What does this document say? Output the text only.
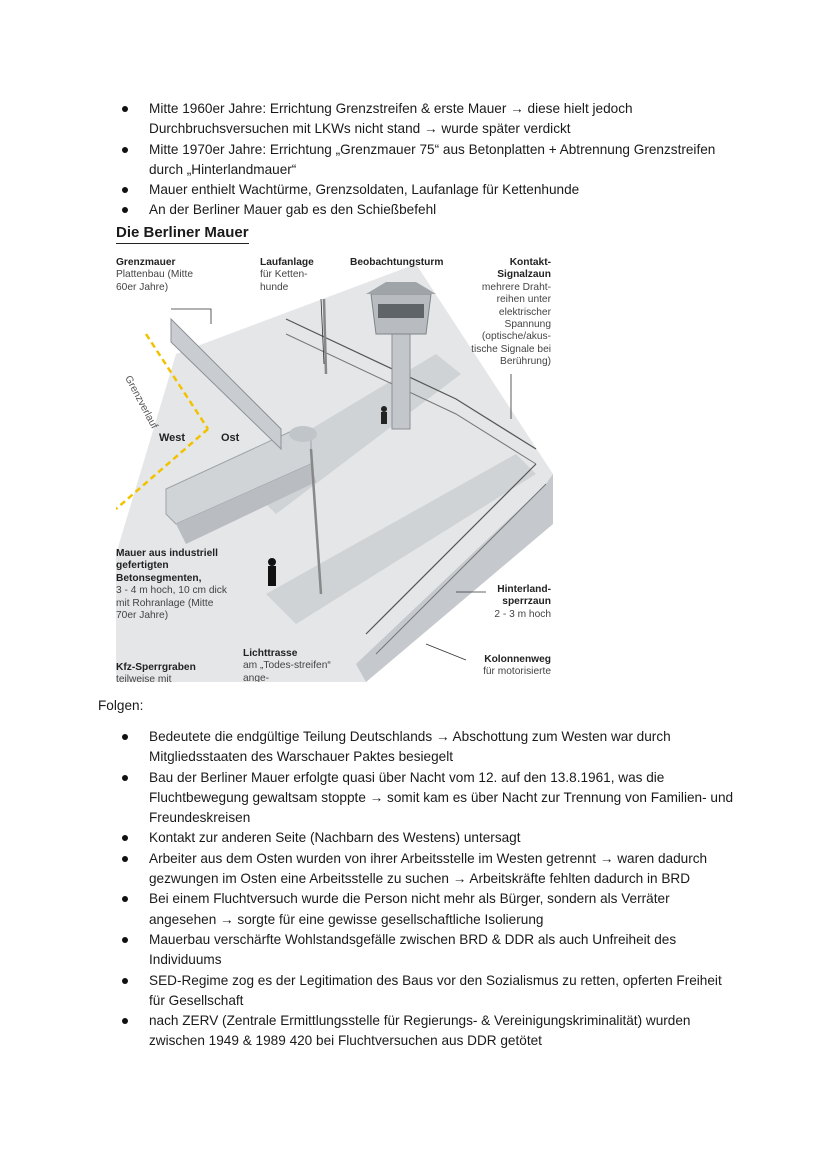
Mitte 1960er Jahre: Errichtung Grenzstreifen & erste Mauer → diese hielt jedoch Durchbruchsversuchen mit LKWs nicht stand → wurde später verdickt
Mitte 1970er Jahre: Errichtung „Grenzmauer 75“ aus Betonplatten + Abtrennung Grenzstreifen durch „Hinterlandmauer“
Mauer enthielt Wachtürme, Grenzsoldaten, Laufanlage für Kettenhunde
An der Berliner Mauer gab es den Schießbefehl
Die Berliner Mauer
Grenzmauer
Plattenbau (Mitte 60er Jahre)
Laufanlage
für Ketten-hunde
Beobachtungsturm	Kontakt-Signalzaun
mehrere Draht-reihen unter elektrischer Spannung (optische/akus-tische Signale bei Berührung)
Grenzverlauf
West	Ost
Mauer aus industriell gefertigten Betonsegmenten,
3 - 4 m hoch, 10 cm dick mit Rohranlage (Mitte 70er Jahre)
Kfz-Sperrgraben
teilweise mit
Lichttrasse
am „Todes-streifen“ ange-
Hinterland-sperrzaun
2 - 3 m hoch
Kolonnenweg
für motorisierte
Folgen:
Bedeutete die endgültige Teilung Deutschlands → Abschottung zum Westen war durch Mitgliedsstaaten des Warschauer Paktes besiegelt
Bau der Berliner Mauer erfolgte quasi über Nacht vom 12. auf den 13.8.1961, was die Fluchtbewegung gewaltsam stoppte → somit kam es über Nacht zur Trennung von Familien- und Freundeskreisen
Kontakt zur anderen Seite (Nachbarn des Westens) untersagt
Arbeiter aus dem Osten wurden von ihrer Arbeitsstelle im Westen getrennt → waren dadurch gezwungen im Osten eine Arbeitsstelle zu suchen → Arbeitskräfte fehlten dadurch in BRD
Bei einem Fluchtversuch wurde die Person nicht mehr als Bürger, sondern als Verräter angesehen → sorgte für eine gewisse gesellschaftliche Isolierung
Mauerbau verschärfte Wohlstandsgefälle zwischen BRD & DDR als auch Unfreiheit des Individuums
SED-Regime zog es der Legitimation des Baus vor den Sozialismus zu retten, opferten Freiheit für Gesellschaft
nach ZERV (Zentrale Ermittlungsstelle für Regierungs- & Vereinigungskriminalität) wurden zwischen 1949 & 1989 420 bei Fluchtversuchen aus DDR getötet
